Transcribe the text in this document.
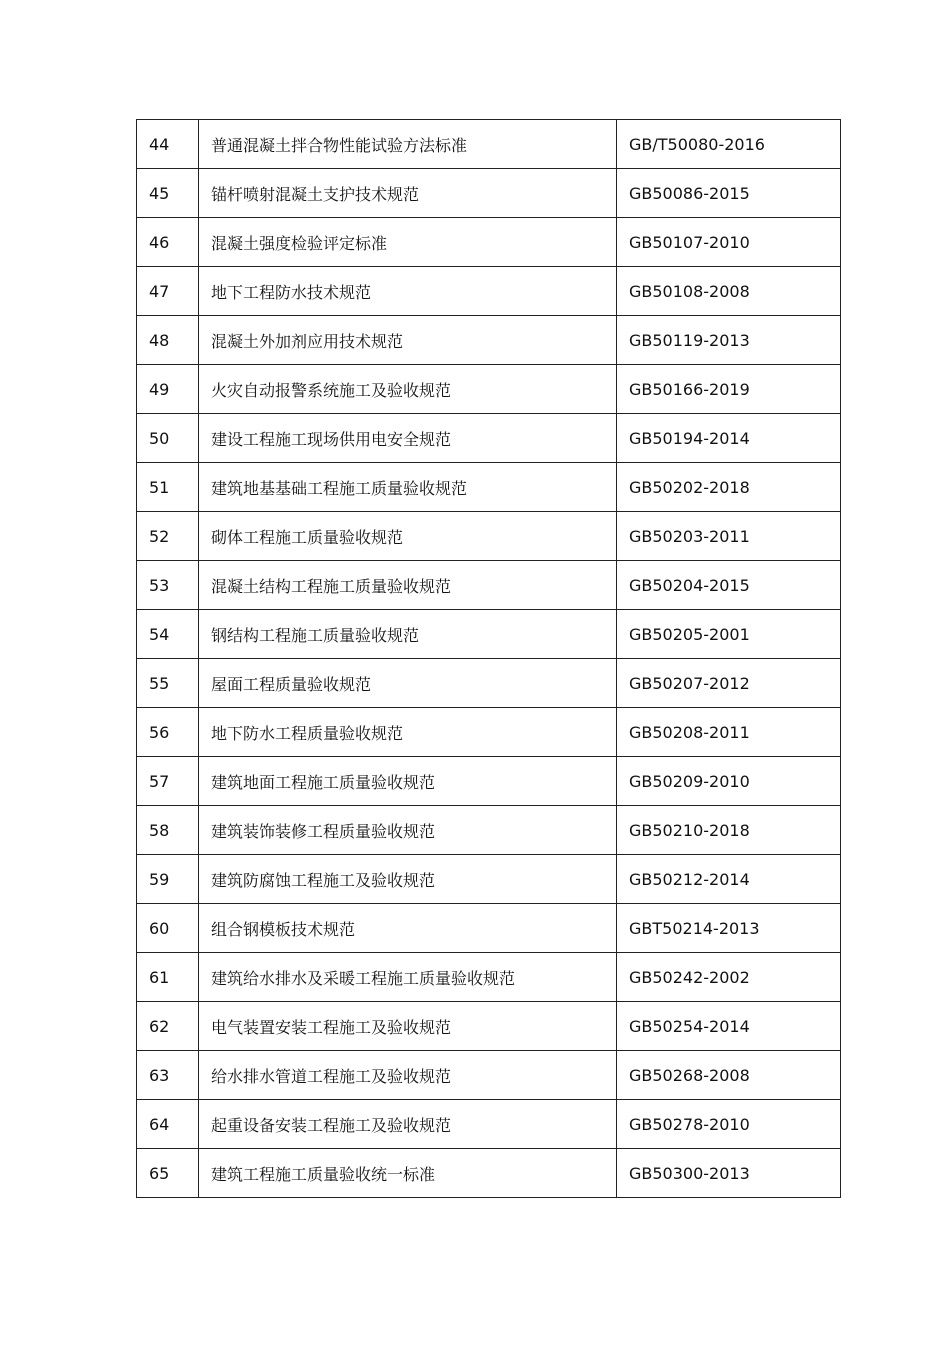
44	普通混凝土拌合物性能试验方法标准	GB/T50080-2016
45	锚杆喷射混凝土支护技术规范	GB50086-2015
46	混凝土强度检验评定标准	GB50107-2010
47	地下工程防水技术规范	GB50108-2008
48	混凝土外加剂应用技术规范	GB50119-2013
49	火灾自动报警系统施工及验收规范	GB50166-2019
50	建设工程施工现场供用电安全规范	GB50194-2014
51	建筑地基基础工程施工质量验收规范	GB50202-2018
52	砌体工程施工质量验收规范	GB50203-2011
53	混凝土结构工程施工质量验收规范	GB50204-2015
54	钢结构工程施工质量验收规范	GB50205-2001
55	屋面工程质量验收规范	GB50207-2012
56	地下防水工程质量验收规范	GB50208-2011
57	建筑地面工程施工质量验收规范	GB50209-2010
58	建筑装饰装修工程质量验收规范	GB50210-2018
59	建筑防腐蚀工程施工及验收规范	GB50212-2014
60	组合钢模板技术规范	GBT50214-2013
61	建筑给水排水及采暖工程施工质量验收规范	GB50242-2002
62	电气装置安装工程施工及验收规范	GB50254-2014
63	给水排水管道工程施工及验收规范	GB50268-2008
64	起重设备安装工程施工及验收规范	GB50278-2010
65	建筑工程施工质量验收统一标准	GB50300-2013
